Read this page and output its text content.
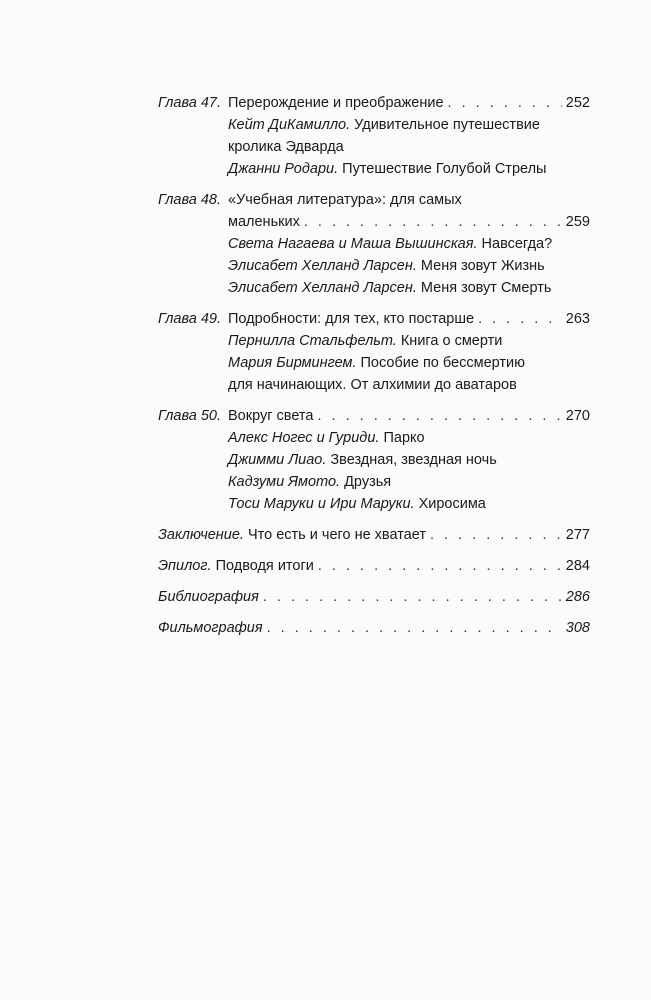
Глава 47. Перерождение и преображение . . .	252
Кейт ДиКамилло. Удивительное путешествие
кролика Эдварда
Джанни Родари. Путешествие Голубой Стрелы
Глава 48. «Учебная литература»: для самых
маленьких . . .	259
Света Нагаева и Маша Вышинская. Навсегда?
Элисабет Хелланд Ларсен. Меня зовут Жизнь
Элисабет Хелланд Ларсен. Меня зовут Смерть
Глава 49. Подробности: для тех, кто постарше . . .	263
Пернилла Стальфельт. Книга о смерти
Мария Бирмингем. Пособие по бессмертию
для начинающих. От алхимии до аватаров
Глава 50. Вокруг света . . .	270
Алекс Ногес и Гуриди. Парко
Джимми Лиао. Звездная, звездная ночь
Кадзуми Ямото. Друзья
Тоси Маруки и Ири Маруки. Хиросима
Заключение. Что есть и чего не хватает . . .	277
Эпилог. Подводя итоги . . .	284
Библиография . . .	286
Фильмография . . .	308
